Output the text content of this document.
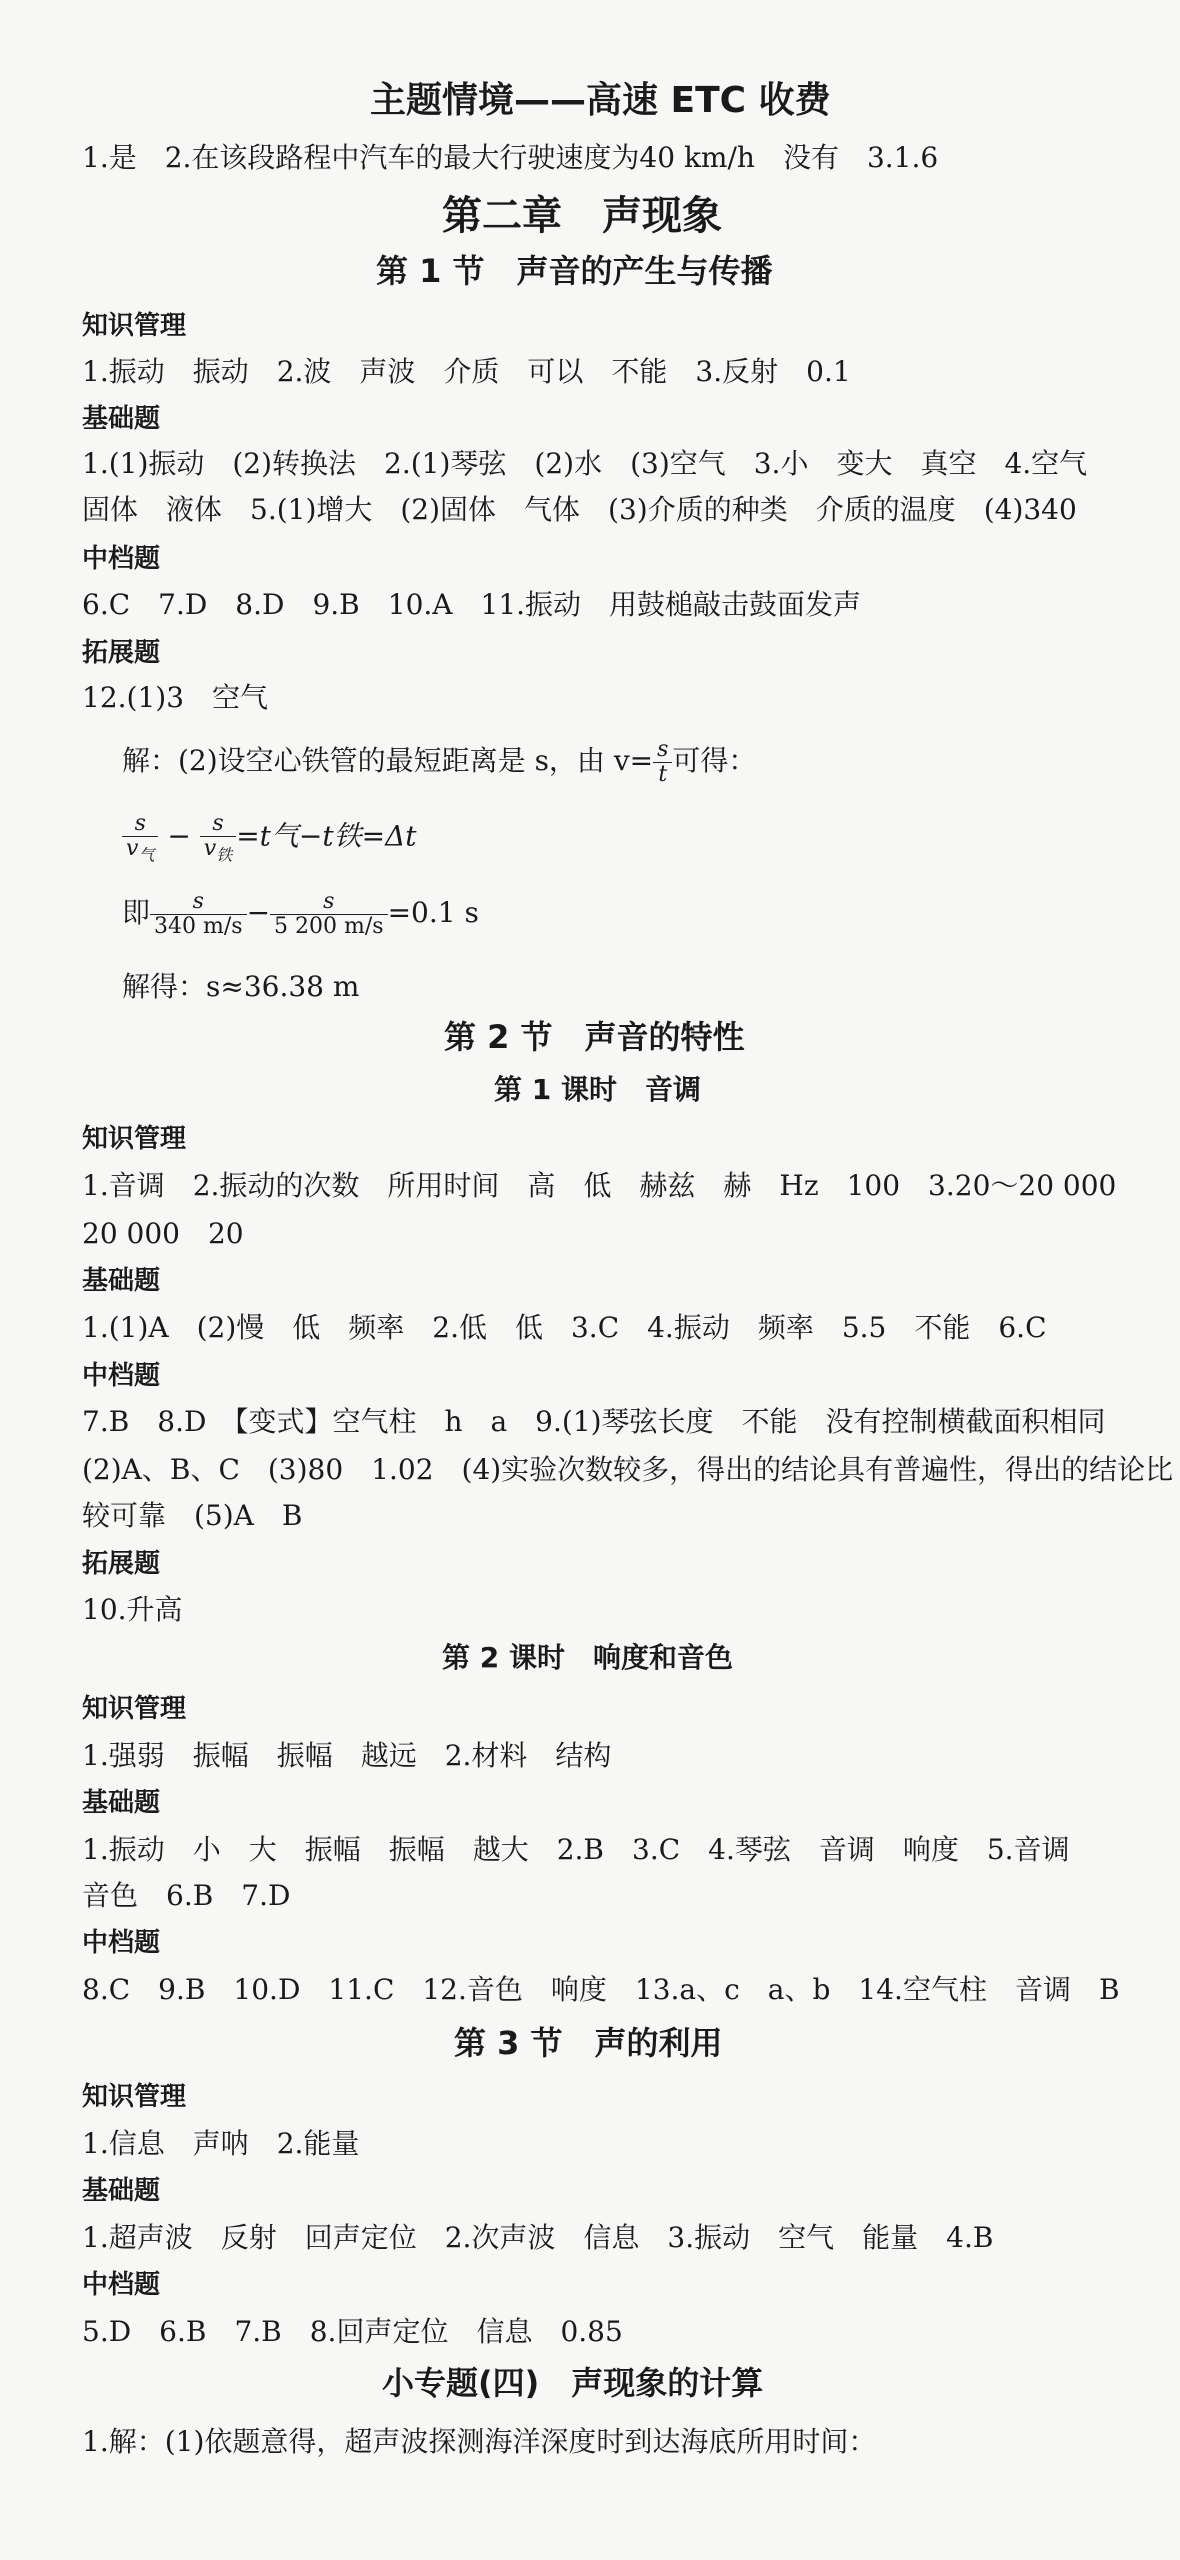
主题情境——高速 ETC 收费
1.是　2.在该段路程中汽车的最大行驶速度为40 km/h　没有　3.1.6
第二章　声现象
第 1 节　声音的产生与传播
知识管理
1.振动　振动　2.波　声波　介质　可以　不能　3.反射　0.1
基础题
1.(1)振动　(2)转换法　2.(1)琴弦　(2)水　(3)空气　3.小　变大　真空　4.空气
固体　液体　5.(1)增大　(2)固体　气体　(3)介质的种类　介质的温度　(4)340
中档题
6.C　7.D　8.D　9.B　10.A　11.振动　用鼓槌敲击鼓面发声
拓展题
12.(1)3　空气
解：(2)设空心铁管的最短距离是 s，由 $v= \frac{s}{t}$ 可得：
$\frac{s}{v_气} - \frac{s}{v_铁} =t$气−t铁=Δt
即 $\frac{s}{340 m/s} - \frac{s}{5 200 m/s} =0.1$ s
解得：s≈36.38 m
第 2 节　声音的特性
第 1 课时　音调
知识管理
1.音调　2.振动的次数　所用时间　高　低　赫兹　赫　Hz　100　3.20～20 000
20 000　20
基础题
1.(1)A　(2)慢　低　频率　2.低　低　3.C　4.振动　频率　5.5　不能　6.C
中档题
7.B　8.D　【变式】空气柱　h　a　9.(1)琴弦长度　不能　没有控制横截面积相同
(2)A、B、C　(3)80　1.02　(4)实验次数较多，得出的结论具有普遍性，得出的结论比
较可靠　(5)A　B
拓展题
10.升高
第 2 课时　响度和音色
知识管理
1.强弱　振幅　振幅　越远　2.材料　结构
基础题
1.振动　小　大　振幅　振幅　越大　2.B　3.C　4.琴弦　音调　响度　5.音调
音色　6.B　7.D
中档题
8.C　9.B　10.D　11.C　12.音色　响度　13.a、c　a、b　14.空气柱　音调　B
第 3 节　声的利用
知识管理
1.信息　声呐　2.能量
基础题
1.超声波　反射　回声定位　2.次声波　信息　3.振动　空气　能量　4.B
中档题
5.D　6.B　7.B　8.回声定位　信息　0.85
小专题(四)　声现象的计算
1.解：(1)依题意得，超声波探测海洋深度时到达海底所用时间：
